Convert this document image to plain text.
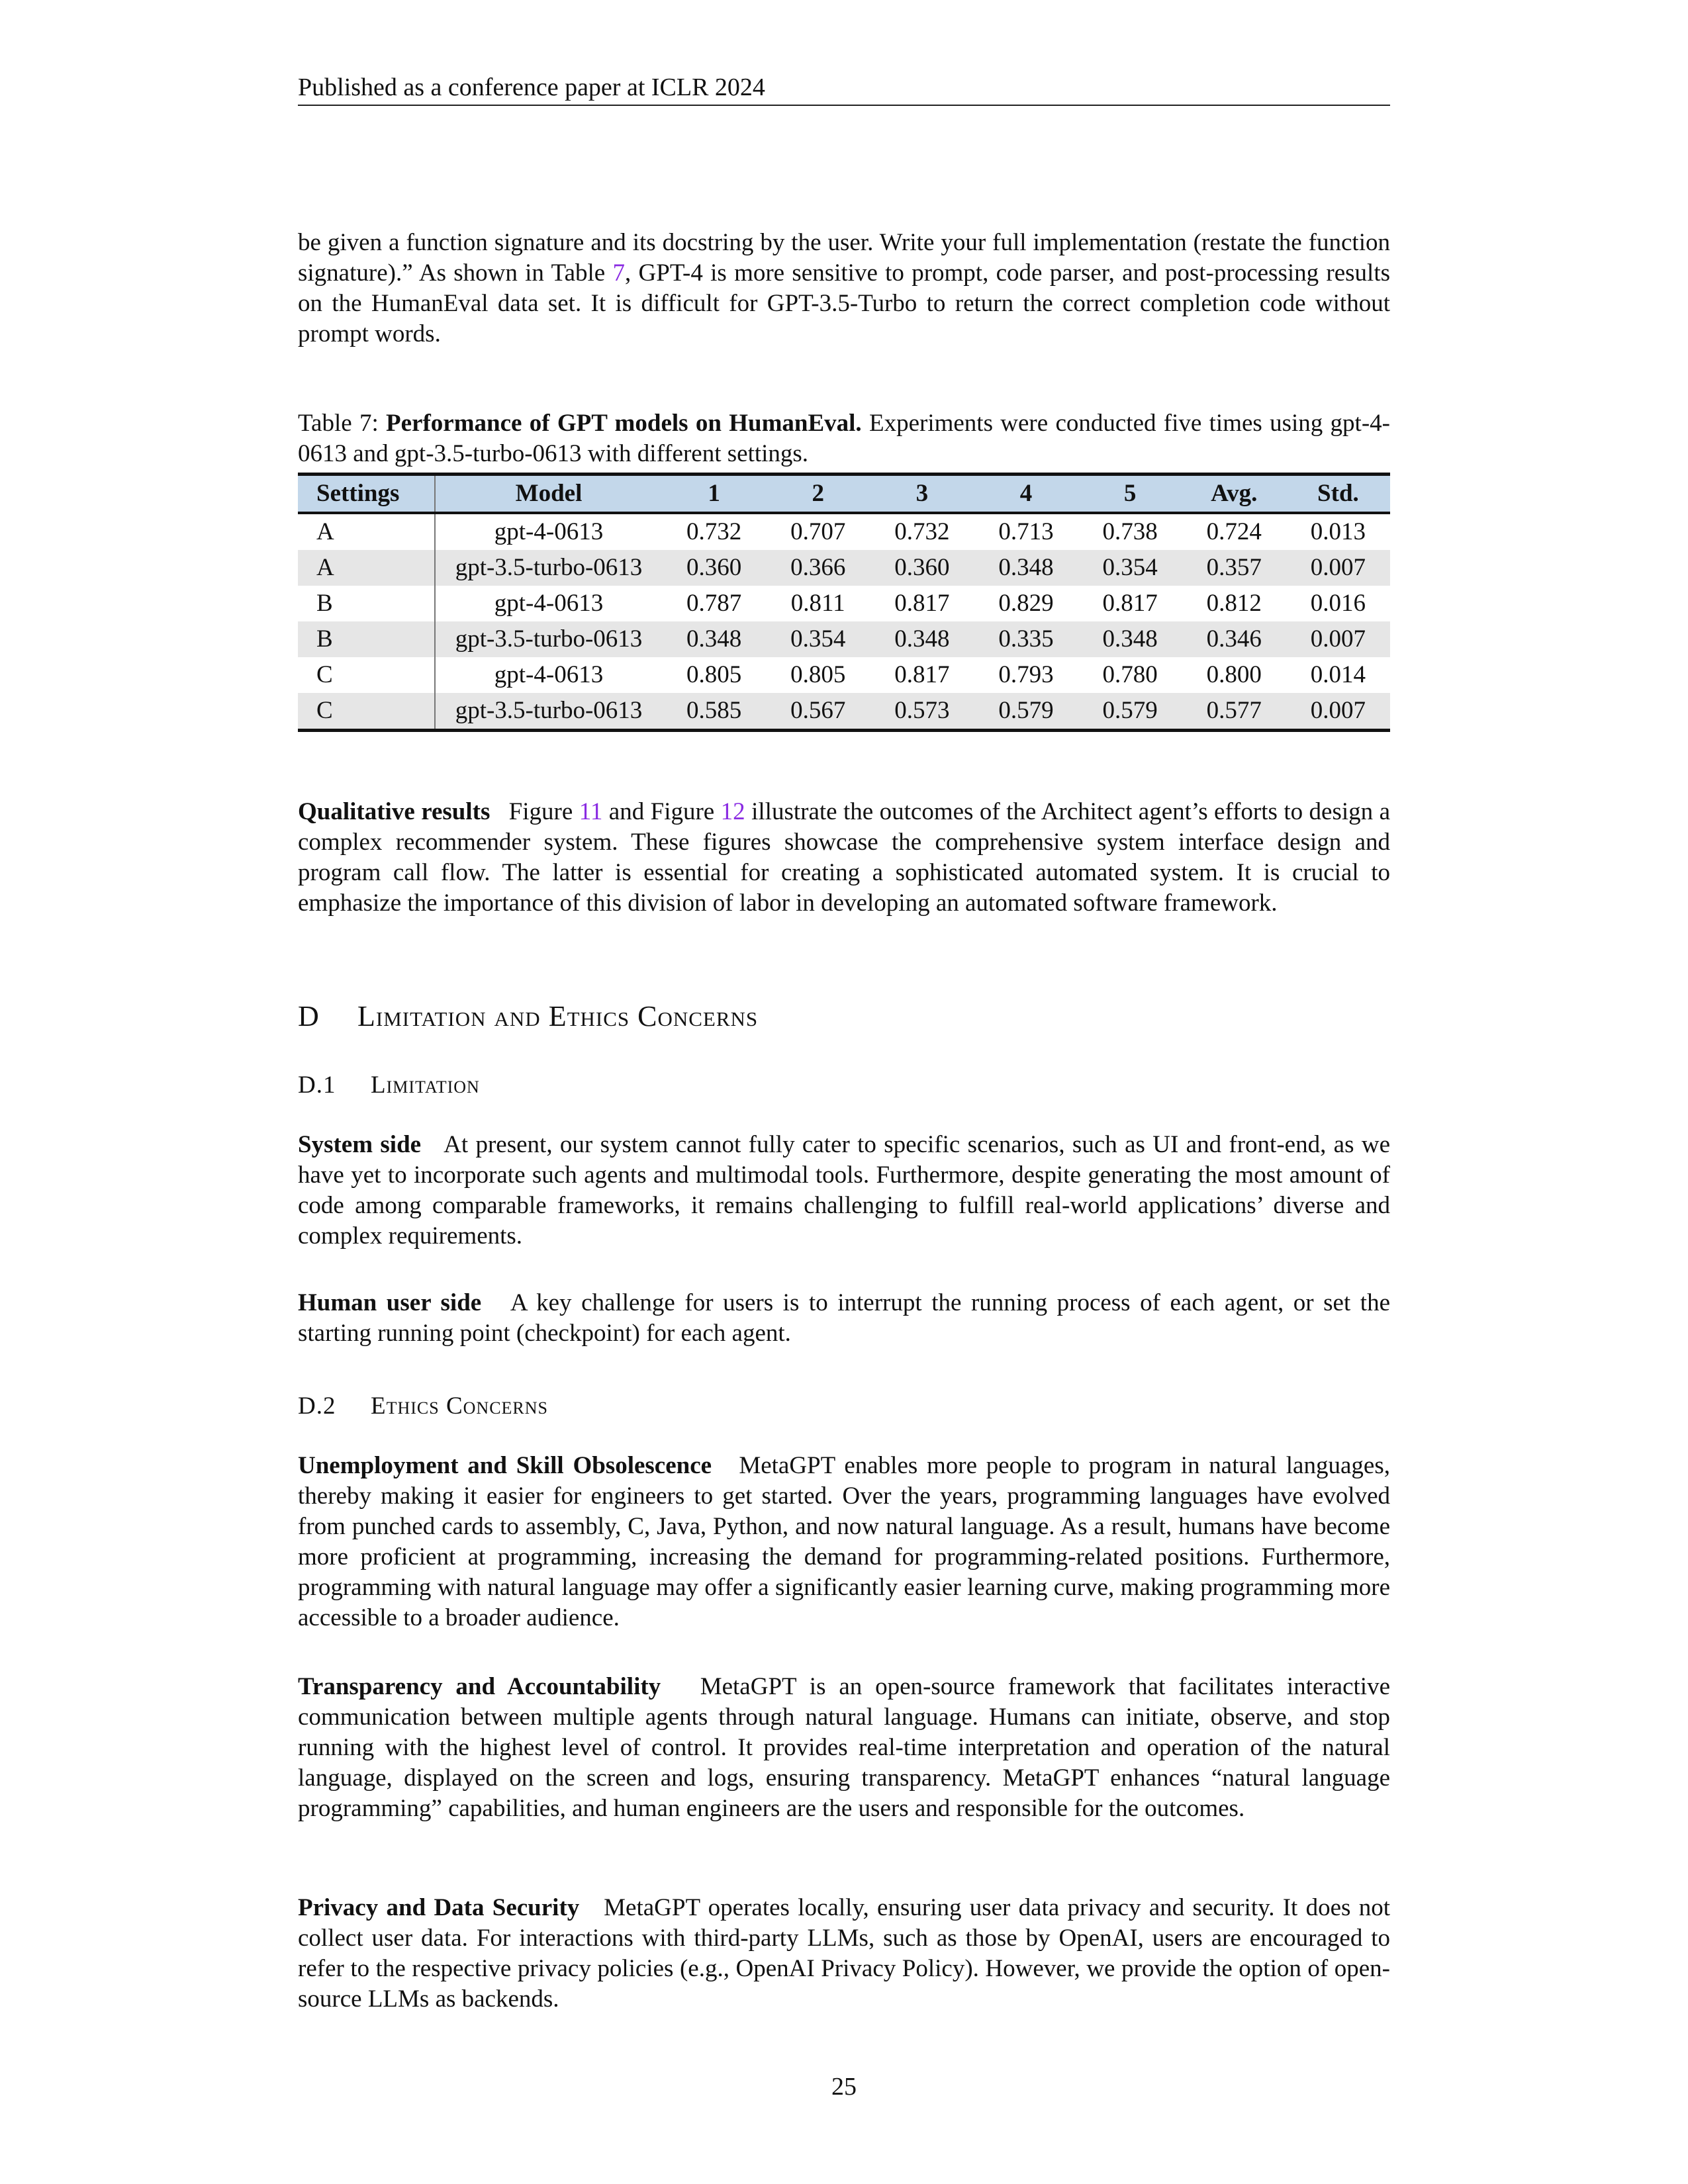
Published as a conference paper at ICLR 2024

be given a function signature and its docstring by the user. Write your full implementation (restate the function signature).” As shown in Table 7, GPT-4 is more sensitive to prompt, code parser, and post-processing results on the HumanEval data set. It is difficult for GPT-3.5-Turbo to return the correct completion code without prompt words.

Table 7: Performance of GPT models on HumanEval. Experiments were conducted five times using gpt-4-0613 and gpt-3.5-turbo-0613 with different settings.

Settings	Model	1	2	3	4	5	Avg.	Std.
A	gpt-4-0613	0.732	0.707	0.732	0.713	0.738	0.724	0.013
A	gpt-3.5-turbo-0613	0.360	0.366	0.360	0.348	0.354	0.357	0.007
B	gpt-4-0613	0.787	0.811	0.817	0.829	0.817	0.812	0.016
B	gpt-3.5-turbo-0613	0.348	0.354	0.348	0.335	0.348	0.346	0.007
C	gpt-4-0613	0.805	0.805	0.817	0.793	0.780	0.800	0.014
C	gpt-3.5-turbo-0613	0.585	0.567	0.573	0.579	0.579	0.577	0.007

Qualitative results Figure 11 and Figure 12 illustrate the outcomes of the Architect agent’s efforts to design a complex recommender system. These figures showcase the comprehensive system interface design and program call flow. The latter is essential for creating a sophisticated automated system. It is crucial to emphasize the importance of this division of labor in developing an automated software framework.

D Limitation and Ethics Concerns
D.1 Limitation

System side At present, our system cannot fully cater to specific scenarios, such as UI and front-end, as we have yet to incorporate such agents and multimodal tools. Furthermore, despite generating the most amount of code among comparable frameworks, it remains challenging to fulfill real-world applications’ diverse and complex requirements.

Human user side A key challenge for users is to interrupt the running process of each agent, or set the starting running point (checkpoint) for each agent.

D.2 Ethics Concerns

Unemployment and Skill Obsolescence MetaGPT enables more people to program in natural languages, thereby making it easier for engineers to get started. Over the years, programming languages have evolved from punched cards to assembly, C, Java, Python, and now natural language. As a result, humans have become more proficient at programming, increasing the demand for programming-related positions. Furthermore, programming with natural language may offer a significantly easier learning curve, making programming more accessible to a broader audience.

Transparency and Accountability MetaGPT is an open-source framework that facilitates interactive communication between multiple agents through natural language. Humans can initiate, observe, and stop running with the highest level of control. It provides real-time interpretation and operation of the natural language, displayed on the screen and logs, ensuring transparency. MetaGPT enhances “natural language programming” capabilities, and human engineers are the users and responsible for the outcomes.

Privacy and Data Security MetaGPT operates locally, ensuring user data privacy and security. It does not collect user data. For interactions with third-party LLMs, such as those by OpenAI, users are encouraged to refer to the respective privacy policies (e.g., OpenAI Privacy Policy). However, we provide the option of open-source LLMs as backends.

25
